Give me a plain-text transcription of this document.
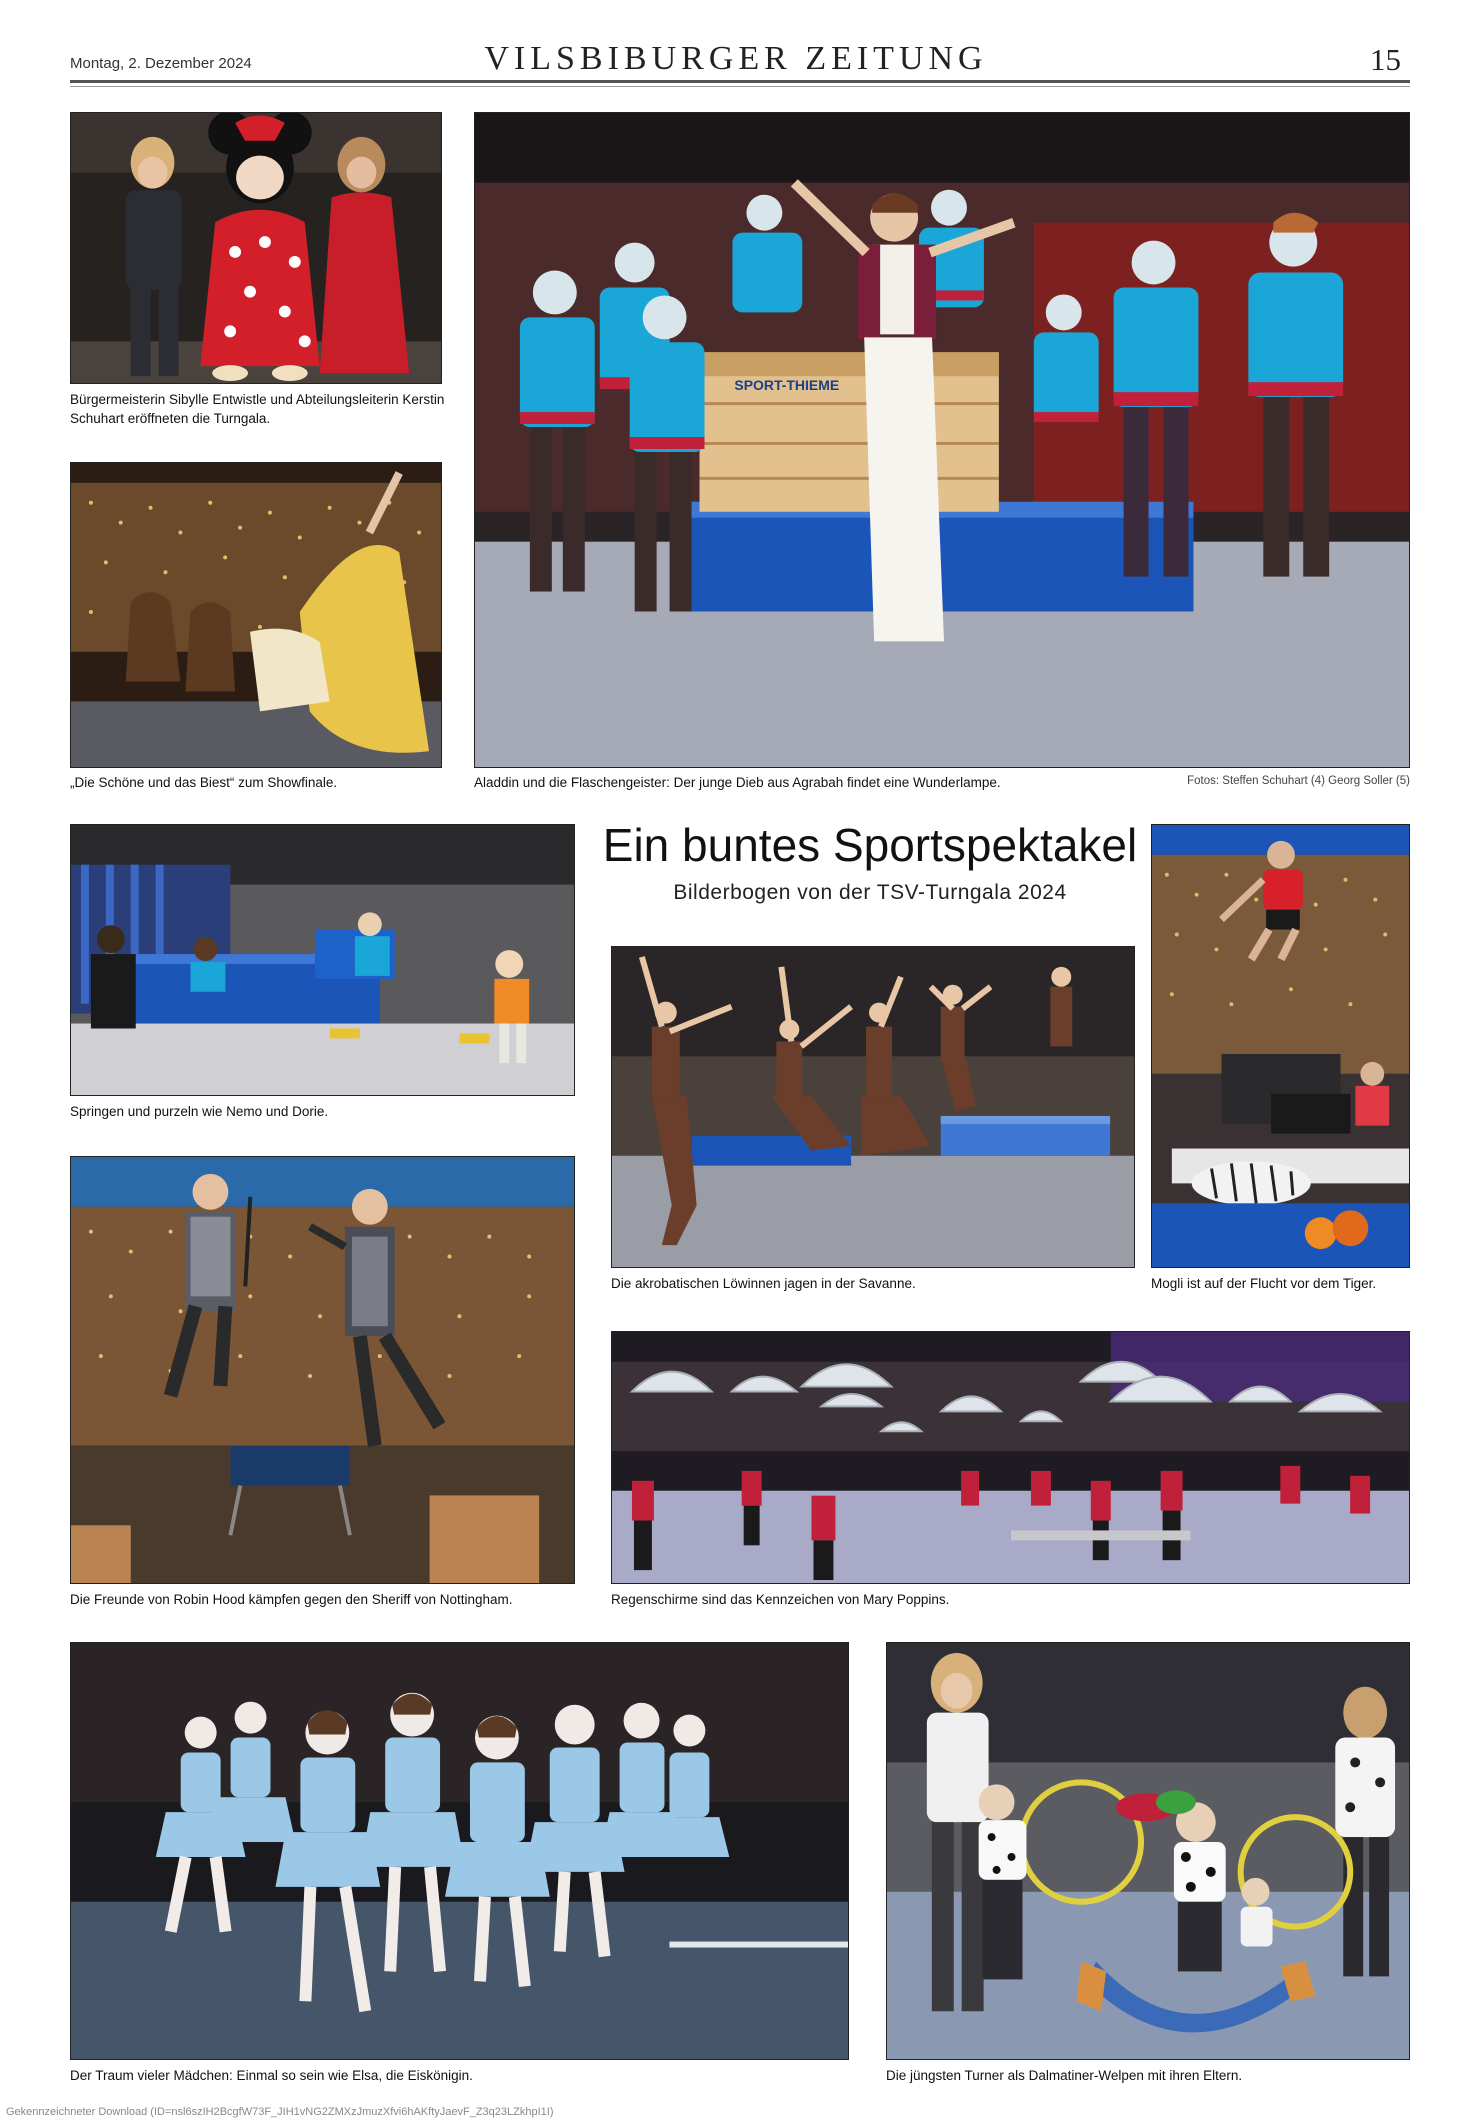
Montag, 2. Dezember 2024	VILSBIBURGER ZEITUNG	15
Bürgermeisterin Sibylle Entwistle und Abteilungsleiterin Kerstin Schuhart eröffneten die Turngala.
„Die Schöne und das Biest“ zum Showfinale.
SPORT-THIEME
Aladdin und die Flaschengeister: Der junge Dieb aus Agrabah findet eine Wunderlampe.	Fotos: Steffen Schuhart (4) Georg Soller (5)
Ein buntes Sportspektakel
Bilderbogen von der TSV-Turngala 2024
Springen und purzeln wie Nemo und Dorie.
Die akrobatischen Löwinnen jagen in der Savanne.	Mogli ist auf der Flucht vor dem Tiger.
Die Freunde von Robin Hood kämpfen gegen den Sheriff von Nottingham.	Regenschirme sind das Kennzeichen von Mary Poppins.
Der Traum vieler Mädchen: Einmal so sein wie Elsa, die Eiskönigin.	Die jüngsten Turner als Dalmatiner-Welpen mit ihren Eltern.
Gekennzeichneter Download (ID=nsl6szIH2BcgfW73F_JIH1vNG2ZMXzJmuzXfvi6hAKftyJaevF_Z3q23LZkhpI1I)
